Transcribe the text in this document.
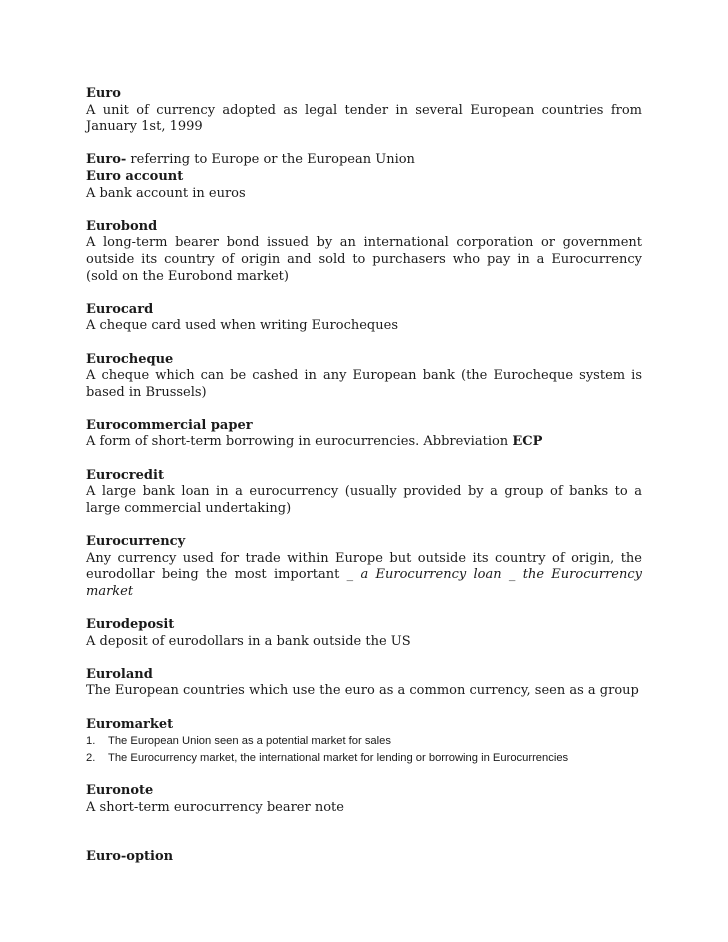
Euro
A unit of currency adopted as legal tender in several European countries from January 1st, 1999
Euro- referring to Europe or the European Union
Euro account
A bank account in euros
Eurobond
A long-term bearer bond issued by an international corporation or government outside its country of origin and sold to purchasers who pay in a Eurocurrency (sold on the Eurobond market)
Eurocard
A cheque card used when writing Eurocheques
Eurocheque
A cheque which can be cashed in any European bank (the Eurocheque system is based in Brussels)
Eurocommercial paper
A form of short-term borrowing in eurocurrencies. Abbreviation ECP
Eurocredit
A large bank loan in a eurocurrency (usually provided by a group of banks to a large commercial undertaking)
Eurocurrency
Any currency used for trade within Europe but outside its country of origin, the eurodollar being the most important _ a Eurocurrency loan _ the Eurocurrency market
Eurodeposit
A deposit of eurodollars in a bank outside the US
Euroland
The European countries which use the euro as a common currency, seen as a group
Euromarket
1.	The European Union seen as a potential market for sales
2.	The Eurocurrency market, the international market for lending or borrowing in Eurocurrencies
Euronote
A short-term eurocurrency bearer note
Euro-option
